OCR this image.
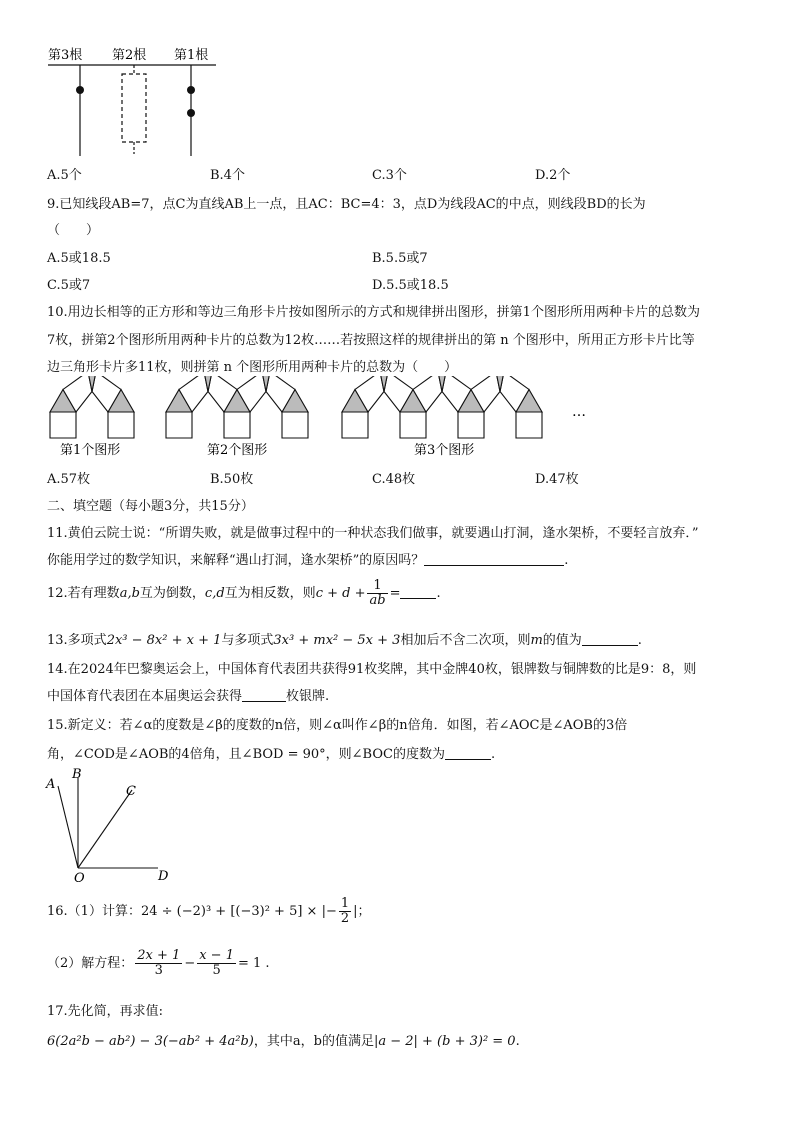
第3根 第2根 第1根
A.5个	B.4个	C.3个	D.2个
9.已知线段AB=7，点C为直线AB上一点，且AC：BC=4：3，点D为线段AC的中点，则线段BD的长为
（　　）
A.5或18.5	B.5.5或7
C.5或7	D.5.5或18.5
10.用边长相等的正方形和等边三角形卡片按如图所示的方式和规律拼出图形，拼第1个图形所用两种卡片的总数为
7枚，拼第2个图形所用两种卡片的总数为12枚……若按照这样的规律拼出的第 n 个图形中，所用正方形卡片比等
边三角形卡片多11枚，则拼第 n 个图形所用两种卡片的总数为（　　）
…
第1个图形	第2个图形	第3个图形
A.57枚	B.50枚	C.48枚	D.47枚
二、填空题（每小题3分，共15分）
11.黄伯云院士说：“所谓失败，就是做事过程中的一种状态我们做事，就要遇山打洞，逢水架桥，不要轻言放弃．”
你能用学过的数学知识，来解释“遇山打洞，逢水架桥”的原因吗？	.
12.若有理数a,b互为倒数，c,d互为相反数，则$c + d + \frac{1}{ab}$ =	.
13.多项式2x³ − 8x² + x + 1与多项式3x³ + mx² − 5x + 3相加后不含二次项，则m的值为	.
14.在2024年巴黎奥运会上，中国体育代表团共获得91枚奖牌，其中金牌40枚，银牌数与铜牌数的比是9：8，则
中国体育代表团在本届奥运会获得	枚银牌.
15.新定义：若∠α的度数是∠β的度数的n倍，则∠α叫作∠β的n倍角．如图，若∠AOC是∠AOB的3倍
角，∠COD是∠AOB的4倍角，且∠BOD = 90°，则∠BOC的度数为	.
A
B
C
O	D
16.（1）计算：24 ÷ (−2)³ + [(−3)² + 5] × |− $\frac{1}{2}$ |；
（2）解方程： $\frac{2x + 1}{3} - \frac{x - 1}{5} = 1$ .
17.先化简，再求值:
6(2a²b − ab²) − 3(−ab² + 4a²b)，其中a，b的值满足|a − 2| + (b + 3)² = 0.
